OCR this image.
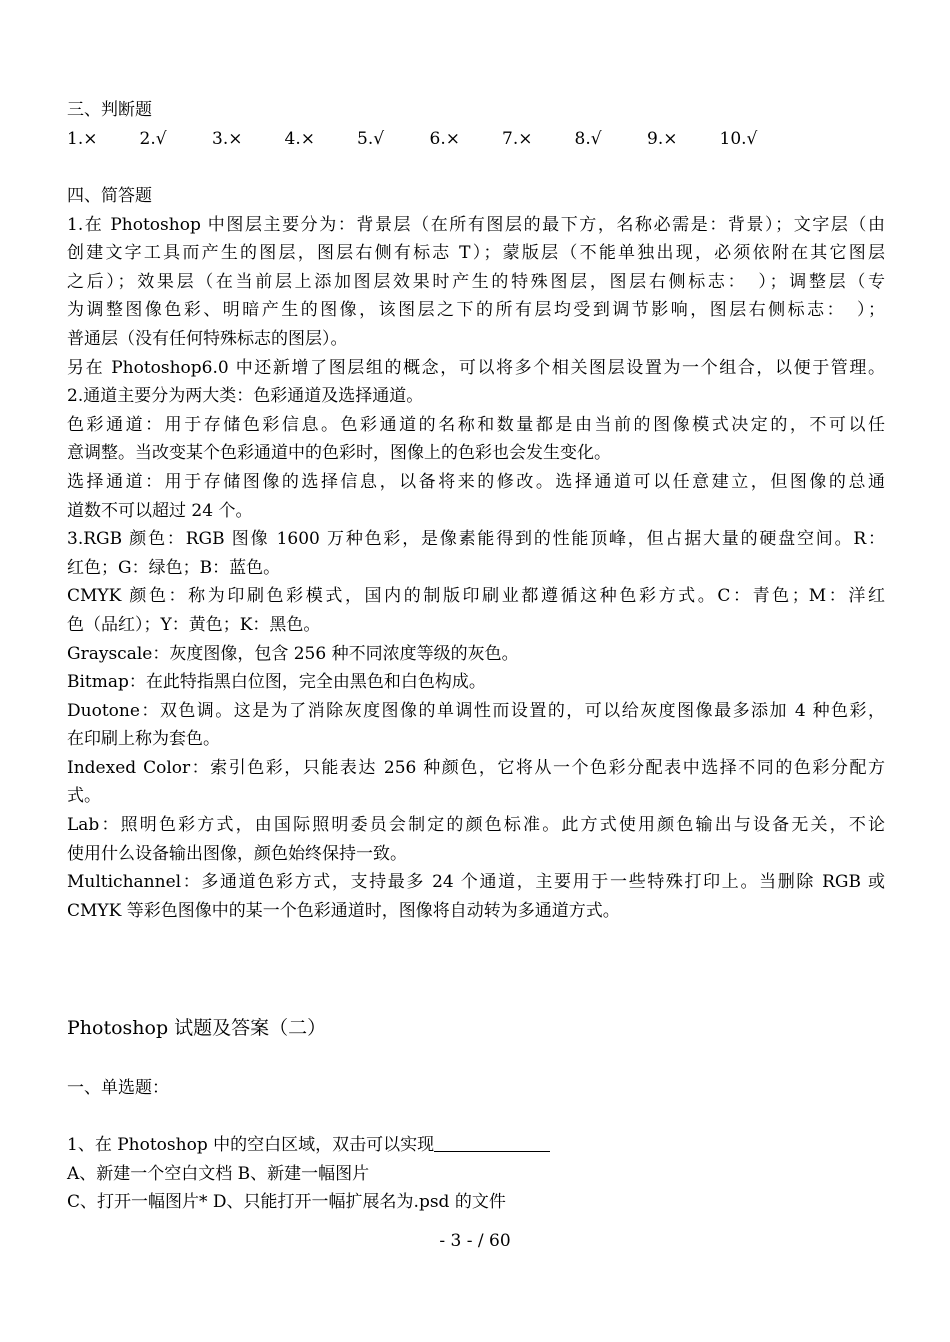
三、判断题
1.×	2.√	3.×	4.×	5.√	6.×	7.×	8.√	9.×	10.√
四、简答题
1.在 Photoshop 中图层主要分为：背景层（在所有图层的最下方，名称必需是：背景）；文字层（由
创建文字工具而产生的图层，图层右侧有标志 T）；蒙版层（不能单独出现，必须依附在其它图层
之后）；效果层（在当前层上添加图层效果时产生的特殊图层，图层右侧标志：　）；调整层（专
为调整图像色彩、明暗产生的图像，该图层之下的所有层均受到调节影响，图层右侧标志：　）；
普通层（没有任何特殊标志的图层）。
另在 Photoshop6.0 中还新增了图层组的概念，可以将多个相关图层设置为一个组合，以便于管理。
2.通道主要分为两大类：色彩通道及选择通道。
色彩通道：用于存储色彩信息。色彩通道的名称和数量都是由当前的图像模式决定的，不可以任
意调整。当改变某个色彩通道中的色彩时，图像上的色彩也会发生变化。
选择通道：用于存储图像的选择信息，以备将来的修改。选择通道可以任意建立，但图像的总通
道数不可以超过 24 个。
3.RGB 颜色：RGB 图像 1600 万种色彩，是像素能得到的性能顶峰，但占据大量的硬盘空间。R：
红色；G：绿色；B：蓝色。
CMYK 颜色：称为印刷色彩模式，国内的制版印刷业都遵循这种色彩方式。C：青色；M：洋红
色（品红）；Y：黄色；K：黑色。
Grayscale：灰度图像，包含 256 种不同浓度等级的灰色。
Bitmap：在此特指黑白位图，完全由黑色和白色构成。
Duotone：双色调。这是为了消除灰度图像的单调性而设置的，可以给灰度图像最多添加 4 种色彩，
在印刷上称为套色。
Indexed Color：索引色彩，只能表达 256 种颜色，它将从一个色彩分配表中选择不同的色彩分配方
式。
Lab：照明色彩方式，由国际照明委员会制定的颜色标准。此方式使用颜色输出与设备无关，不论
使用什么设备输出图像，颜色始终保持一致。
Multichannel：多通道色彩方式，支持最多 24 个通道，主要用于一些特殊打印上。当删除 RGB 或
CMYK 等彩色图像中的某一个色彩通道时，图像将自动转为多通道方式。
Photoshop 试题及答案（二）
一、单选题：
1、在 Photoshop 中的空白区域，双击可以实现
A、新建一个空白文档 B、新建一幅图片
C、打开一幅图片* D、只能打开一幅扩展名为.psd 的文件
- 3 - / 60
